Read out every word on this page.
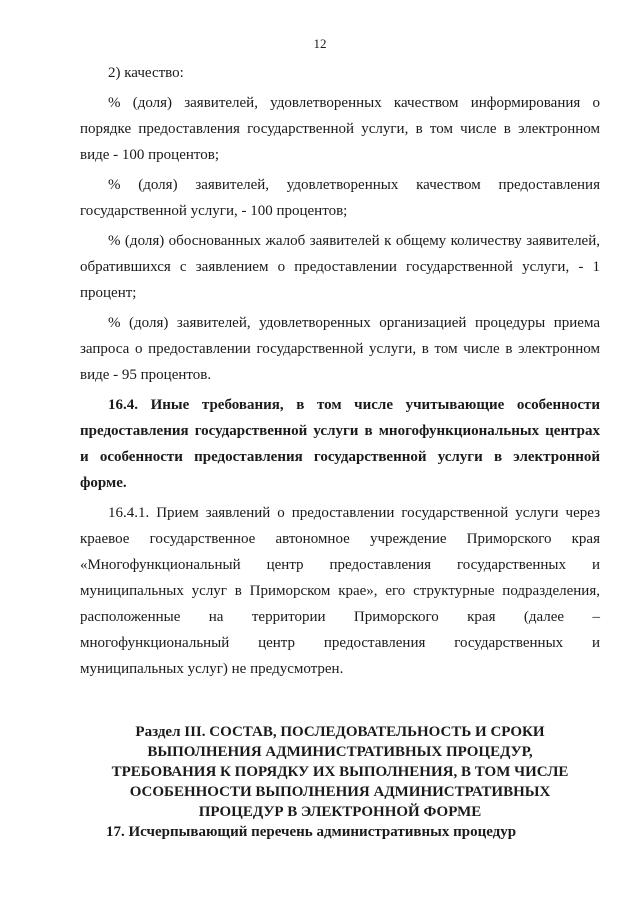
12

2) качество:

% (доля) заявителей, удовлетворенных качеством информирования о порядке предоставления государственной услуги, в том числе в электронном виде - 100 процентов;

% (доля) заявителей, удовлетворенных качеством предоставления государственной услуги, - 100 процентов;

% (доля) обоснованных жалоб заявителей к общему количеству заявителей, обратившихся с заявлением о предоставлении государственной услуги, - 1 процент;

% (доля) заявителей, удовлетворенных организацией процедуры приема запроса о предоставлении государственной услуги, в том числе в электронном виде - 95 процентов.

16.4. Иные требования, в том числе учитывающие особенности предоставления государственной услуги в многофункциональных центрах и особенности предоставления государственной услуги в электронной форме.

16.4.1. Прием заявлений о предоставлении государственной услуги через краевое государственное автономное учреждение Приморского края «Многофункциональный центр предоставления государственных и муниципальных услуг в Приморском крае», его структурные подразделения, расположенные на территории Приморского края (далее – многофункциональный центр предоставления государственных и муниципальных услуг) не предусмотрен.

Раздел III. СОСТАВ, ПОСЛЕДОВАТЕЛЬНОСТЬ И СРОКИ ВЫПОЛНЕНИЯ АДМИНИСТРАТИВНЫХ ПРОЦЕДУР, ТРЕБОВАНИЯ К ПОРЯДКУ ИХ ВЫПОЛНЕНИЯ, В ТОМ ЧИСЛЕ ОСОБЕННОСТИ ВЫПОЛНЕНИЯ АДМИНИСТРАТИВНЫХ ПРОЦЕДУР В ЭЛЕКТРОННОЙ ФОРМЕ
17. Исчерпывающий перечень административных процедур
